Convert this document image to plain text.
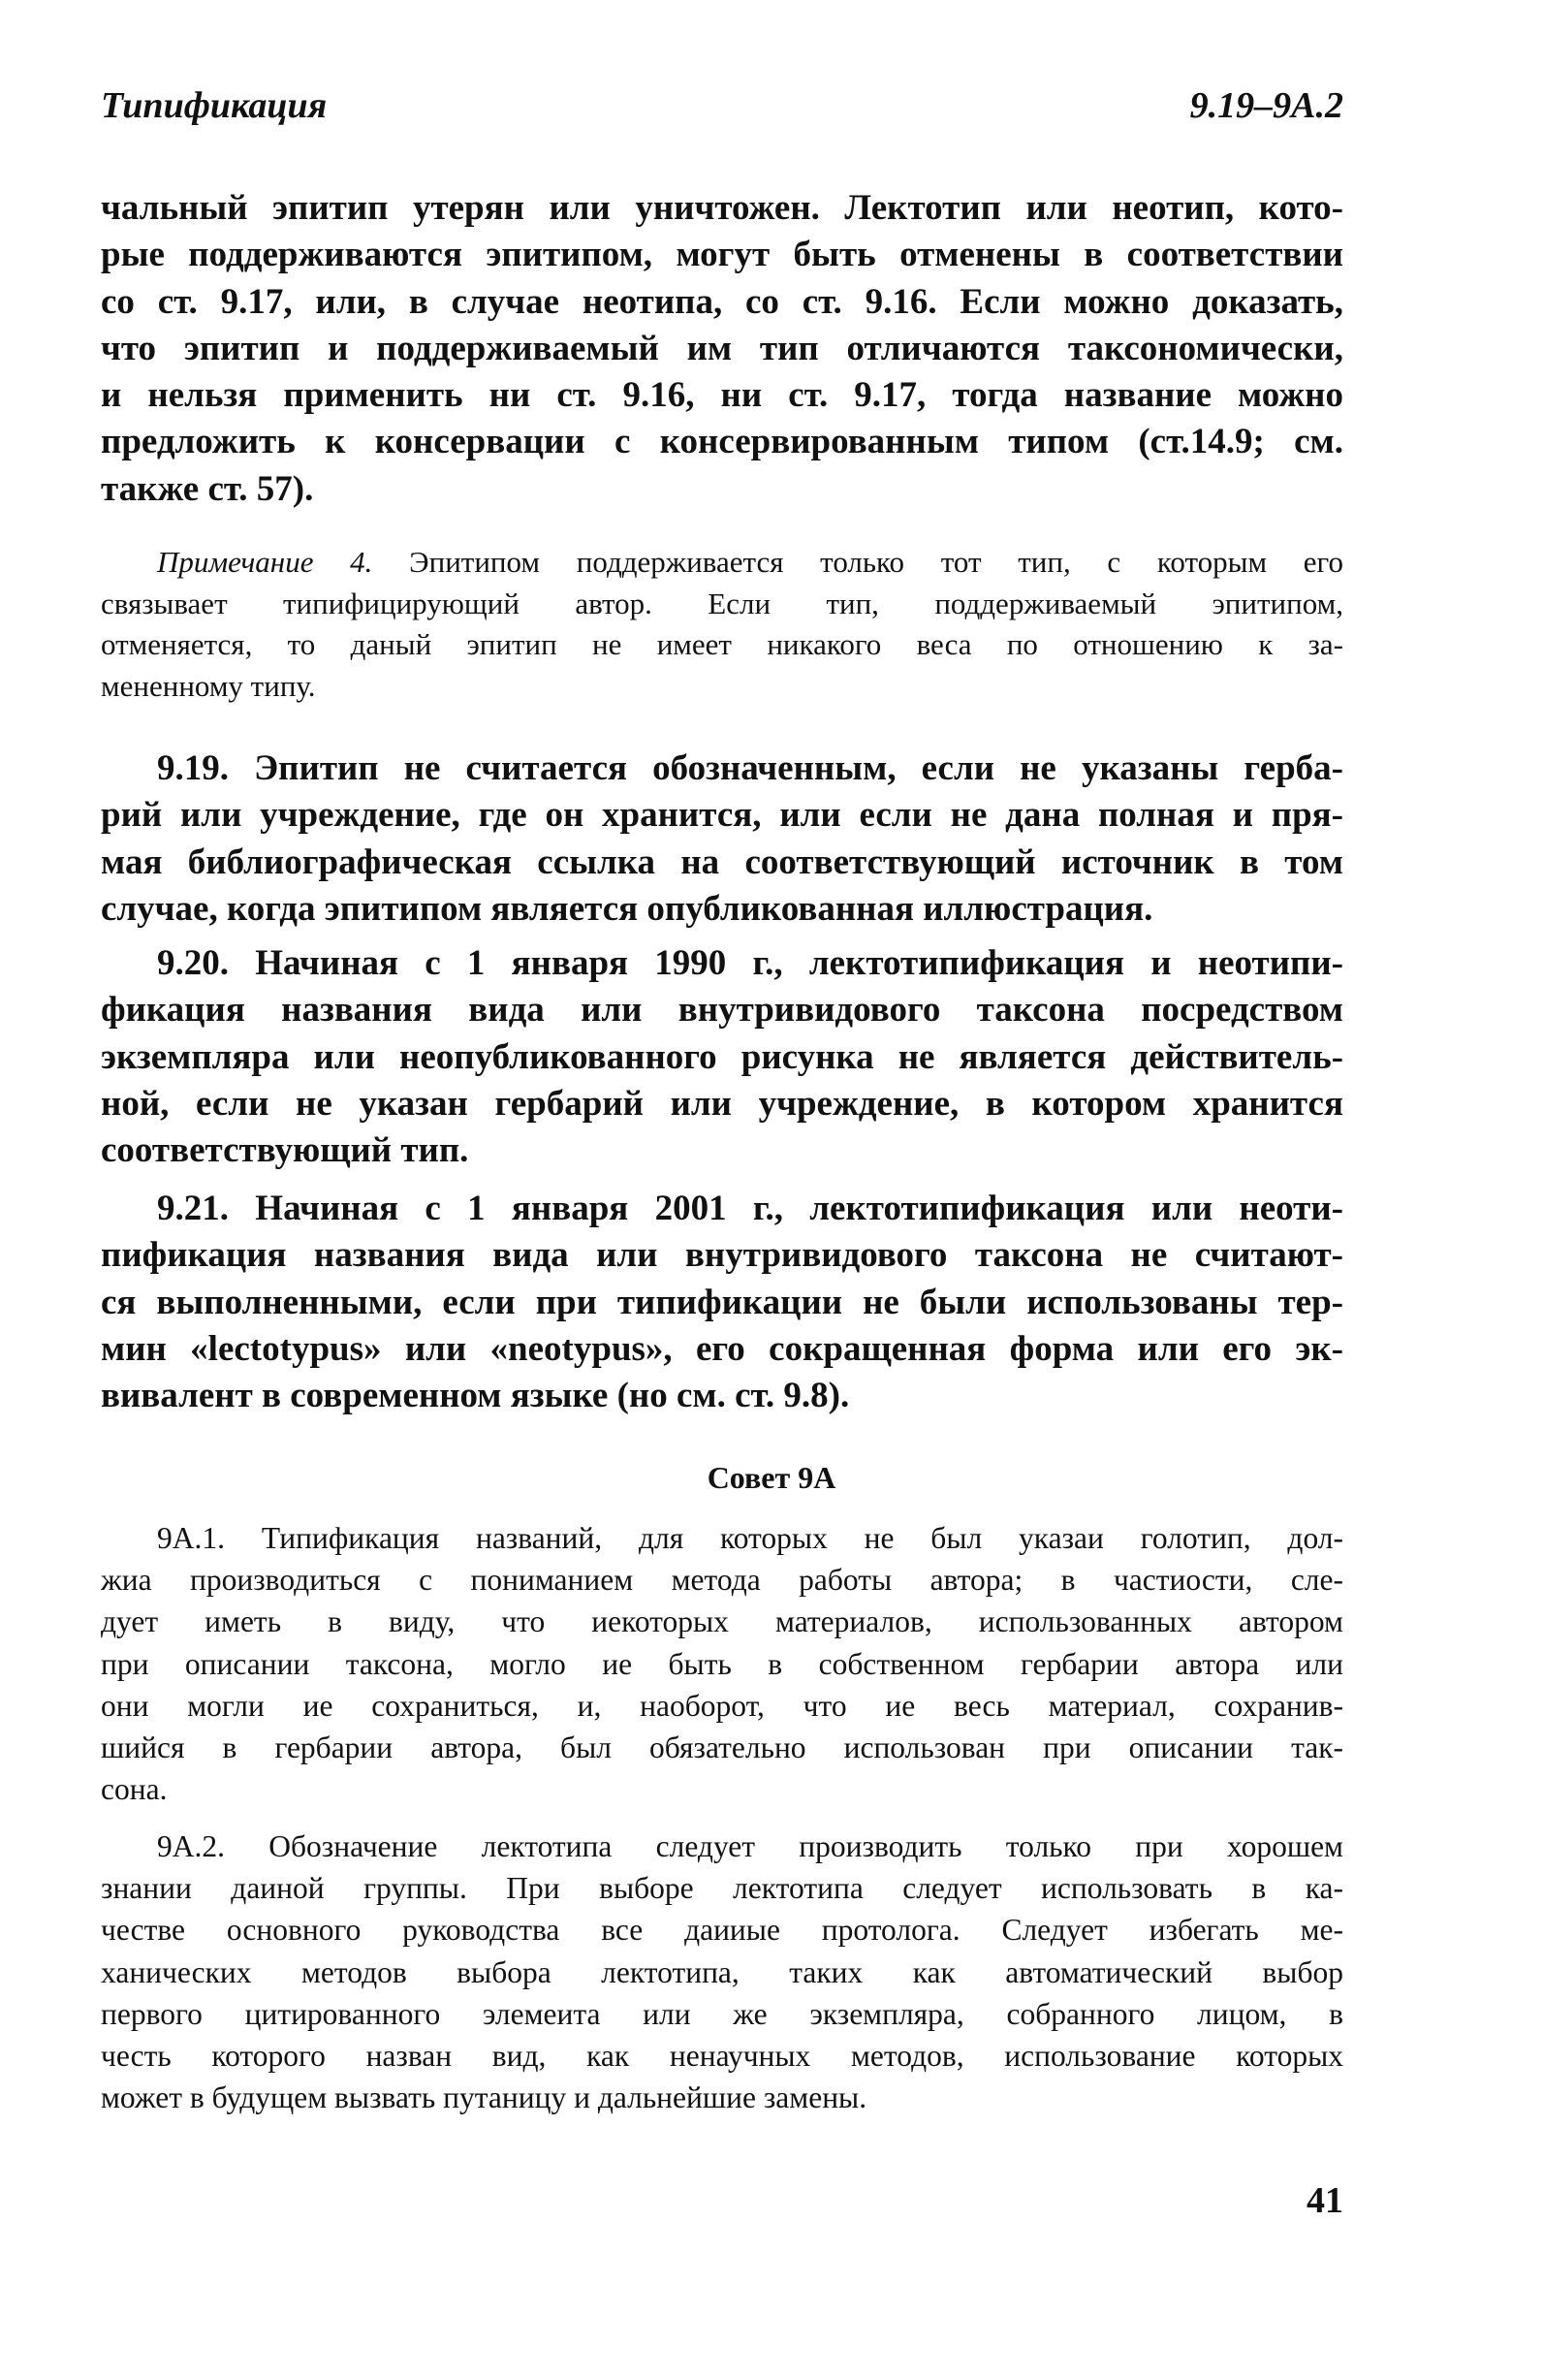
Типификация	9.19–9А.2
чальный эпитип утерян или уничтожен. Лектотип или неотип, кото-
рые поддерживаются эпитипом, могут быть отменены в соответствии
со ст. 9.17, или, в случае неотипа, со ст. 9.16. Если можно доказать,
что эпитип и поддерживаемый им тип отличаются таксономически,
и нельзя применить ни ст. 9.16, ни ст. 9.17, тогда название можно
предложить к консервации с консервированным типом (ст.14.9; см.
также ст. 57).
Примечание 4. Эпитипом поддерживается только тот тип, с которым его
связывает типифицирующий автор. Если тип, поддерживаемый эпитипом,
отменяется, то даный эпитип не имеет никакого веса по отношению к за-
мененному типу.
9.19. Эпитип не считается обозначенным, если не указаны герба-
рий или учреждение, где он хранится, или если не дана полная и пря-
мая библиографическая ссылка на соответствующий источник в том
случае, когда эпитипом является опубликованная иллюстрация.
9.20. Начиная с 1 января 1990 г., лектотипификация и неотипи-
фикация названия вида или внутривидового таксона посредством
экземпляра или неопубликованного рисунка не является действитель-
ной, если не указан гербарий или учреждение, в котором хранится
соответствующий тип.
9.21. Начиная с 1 января 2001 г., лектотипификация или неоти-
пификация названия вида или внутривидового таксона не считают-
ся выполненными, если при типификации не были использованы тер-
мин «lectotypus» или «neotypus», его сокращенная форма или его эк-
вивалент в современном языке (но см. ст. 9.8).
Совет 9А
9А.1. Типификация названий, для которых не был указаи голотип, дол-
жиа производиться с пониманием метода работы автора; в частиости, сле-
дует иметь в виду, что иекоторых материалов, использованных автором
при описании таксона, могло ие быть в собственном гербарии автора или
они могли ие сохраниться, и, наоборот, что ие весь материал, сохранив-
шийся в гербарии автора, был обязательно использован при описании так-
сона.
9А.2. Обозначение лектотипа следует производить только при хорошем
знании даиной группы. При выборе лектотипа следует использовать в ка-
честве основного руководства все даииые протолога. Следует избегать ме-
ханических методов выбора лектотипа, таких как автоматический выбор
первого цитированного элемеита или же экземпляра, собранного лицом, в
честь которого назван вид, как ненаучных методов, использование которых
может в будущем вызвать путаницу и дальнейшие замены.
41
